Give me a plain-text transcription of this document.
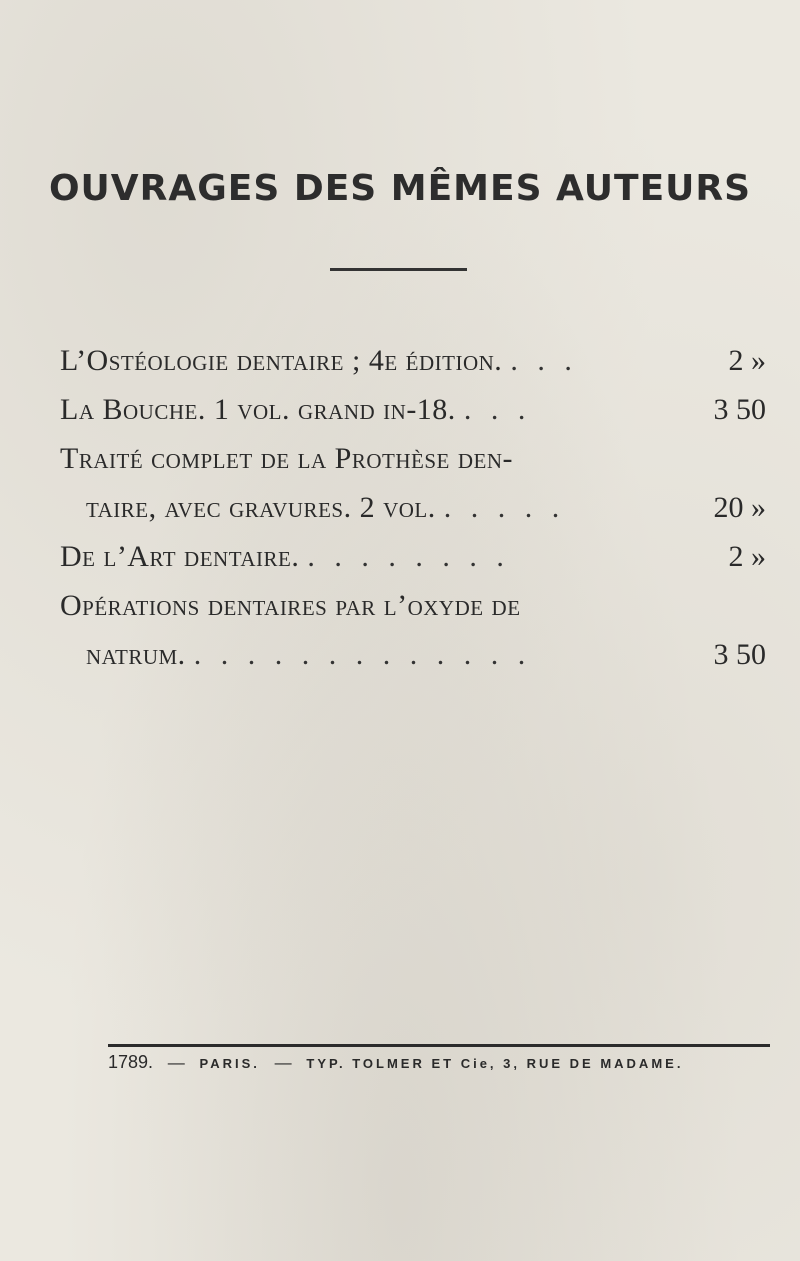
OUVRAGES DES MÊMES AUTEURS
L’Ostéologie dentaire ; 4e édition. . . .	2 »
La Bouche. 1 vol. grand in-18. . . .	3 50
Traité complet de la Prothèse den-
taire, avec gravures. 2 vol. . . . . .	20 »
De l’Art dentaire. . . . . . . . .	2 »
Opérations dentaires par l’oxyde de
natrum. . . . . . . . . . . . . .	3 50
1789. — PARIS. — TYP. TOLMER ET Cie, 3, RUE DE MADAME.
